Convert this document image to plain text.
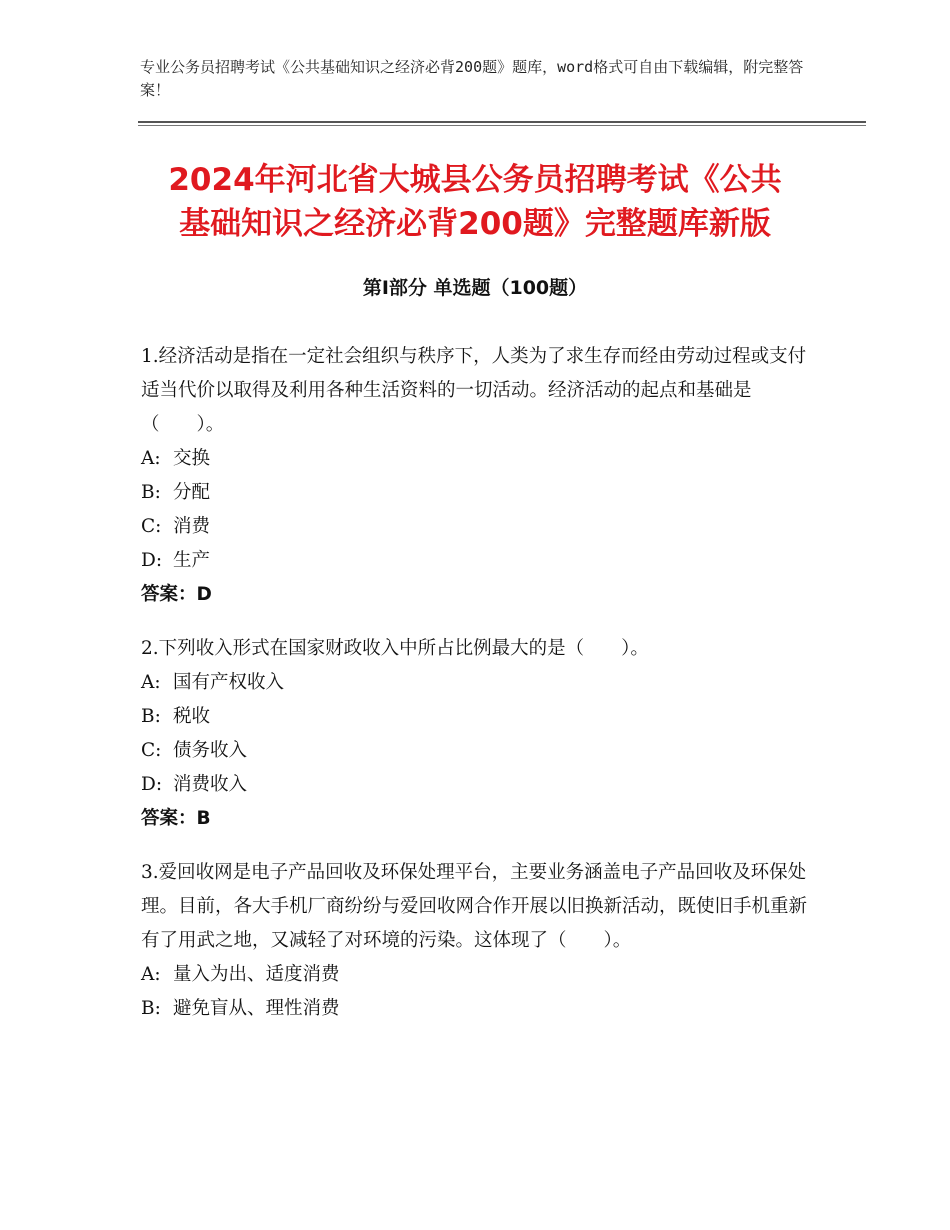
专业公务员招聘考试《公共基础知识之经济必背200题》题库，word格式可自由下载编辑，附完整答案！
2024年河北省大城县公务员招聘考试《公共
基础知识之经济必背200题》完整题库新版
第Ⅰ部分 单选题（100题）
1.经济活动是指在一定社会组织与秩序下，人类为了求生存而经由劳动过程或支付适当代价以取得及利用各种生活资料的一切活动。经济活动的起点和基础是（　　）。
A: 交换
B: 分配
C: 消费
D: 生产
答案：D
2.下列收入形式在国家财政收入中所占比例最大的是（　　）。
A: 国有产权收入
B: 税收
C: 债务收入
D: 消费收入
答案：B
3.爱回收网是电子产品回收及环保处理平台，主要业务涵盖电子产品回收及环保处理。目前，各大手机厂商纷纷与爱回收网合作开展以旧换新活动，既使旧手机重新有了用武之地，又减轻了对环境的污染。这体现了（　　）。
A: 量入为出、适度消费
B: 避免盲从、理性消费
